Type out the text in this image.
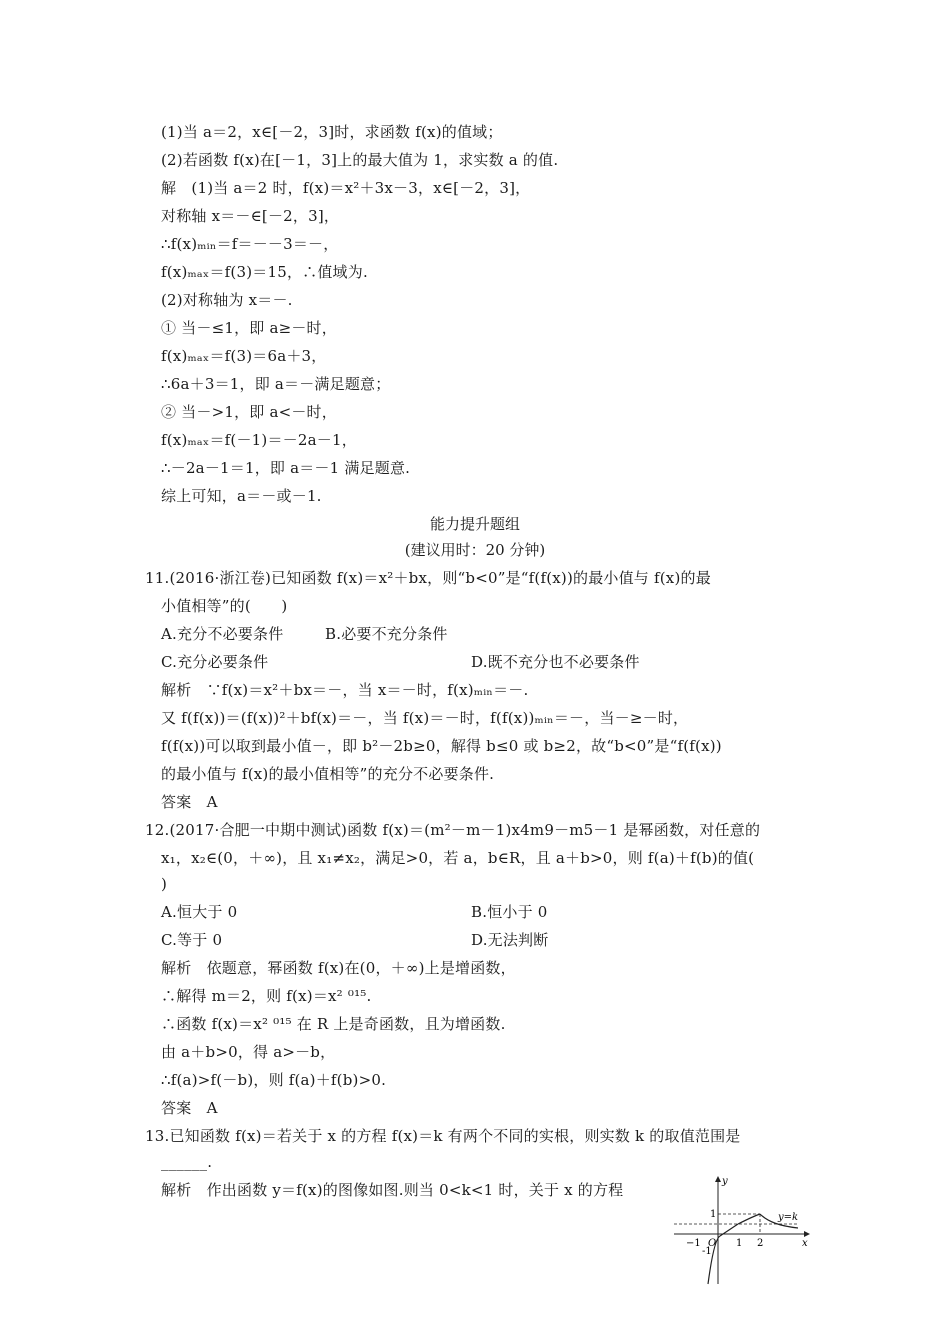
(1)当 a＝2，x∈[－2，3]时，求函数 f(x)的值域；
(2)若函数 f(x)在[－1，3]上的最大值为 1，求实数 a 的值.
解　(1)当 a＝2 时，f(x)＝x²＋3x－3，x∈[－2，3]，
对称轴 x＝－∈[－2，3]，
∴f(x)ₘᵢₙ＝f＝－－3＝－，
f(x)ₘₐₓ＝f(3)＝15，∴值域为.
(2)对称轴为 x＝－.
① 当－≤1，即 a≥－时，
f(x)ₘₐₓ＝f(3)＝6a＋3，
∴6a＋3＝1，即 a＝－满足题意；
② 当－>1，即 a<－时，
f(x)ₘₐₓ＝f(－1)＝－2a－1，
∴－2a－1＝1，即 a＝－1 满足题意.
综上可知，a＝－或－1.
能力提升题组
(建议用时：20 分钟)
11.(2016·浙江卷)已知函数 f(x)＝x²＋bx，则“b<0”是“f(f(x))的最小值与 f(x)的最
小值相等”的(　　)
A.充分不必要条件	B.必要不充分条件
C.充分必要条件	D.既不充分也不必要条件
解析　∵f(x)＝x²＋bx＝－，当 x＝－时，f(x)ₘᵢₙ＝－.
又 f(f(x))＝(f(x))²＋bf(x)＝－，当 f(x)＝－时，f(f(x))ₘᵢₙ＝－，当－≥－时，
f(f(x))可以取到最小值－，即 b²－2b≥0，解得 b≤0 或 b≥2，故“b<0”是“f(f(x))
的最小值与 f(x)的最小值相等”的充分不必要条件.
答案　A
12.(2017·合肥一中期中测试)函数 f(x)＝(m²－m－1)x4m9－m5－1 是幂函数，对任意的
x₁，x₂∈(0，＋∞)，且 x₁≠x₂，满足>0，若 a，b∈R，且 a＋b>0，则 f(a)＋f(b)的值(
)
A.恒大于 0	B.恒小于 0
C.等于 0	D.无法判断
解析　依题意，幂函数 f(x)在(0，＋∞)上是增函数，
∴解得 m＝2，则 f(x)＝x² ⁰¹⁵.
∴函数 f(x)＝x² ⁰¹⁵ 在 R 上是奇函数，且为增函数.
由 a＋b>0，得 a>－b，
∴f(a)>f(－b)，则 f(a)＋f(b)>0.
答案　A
13.已知函数 f(x)＝若关于 x 的方程 f(x)＝k 有两个不同的实根，则实数 k 的取值范围是
______.
解析　作出函数 y＝f(x)的图像如图.则当 0<k<1 时，关于 x 的方程	y
x
y=k
O
1
-1
−1	1 2
